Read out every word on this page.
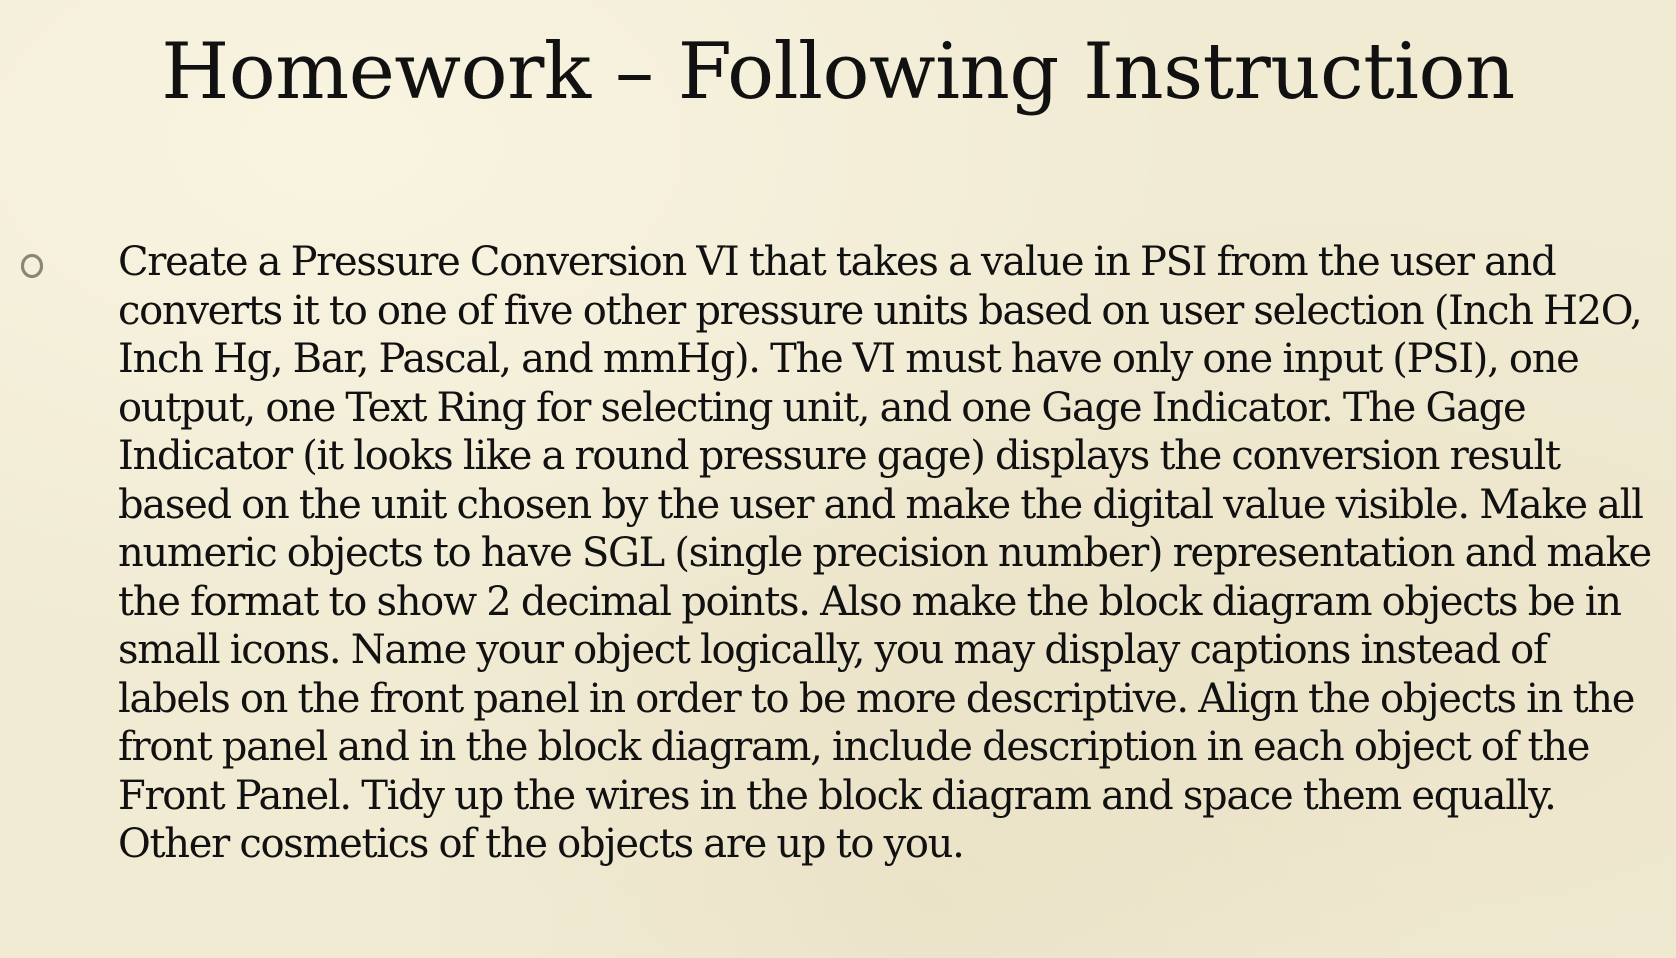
Homework – Following Instruction

Create a Pressure Conversion VI that takes a value in PSI from the user and converts it to one of five other pressure units based on user selection (Inch H2O, Inch Hg, Bar, Pascal, and mmHg). The VI must have only one input (PSI), one output, one Text Ring for selecting unit, and one Gage Indicator. The Gage Indicator (it looks like a round pressure gage) displays the conversion result based on the unit chosen by the user and make the digital value visible. Make all numeric objects to have SGL (single precision number) representation and make the format to show 2 decimal points. Also make the block diagram objects be in small icons. Name your object logically, you may display captions instead of labels on the front panel in order to be more descriptive. Align the objects in the front panel and in the block diagram, include description in each object of the Front Panel. Tidy up the wires in the block diagram and space them equally. Other cosmetics of the objects are up to you.
